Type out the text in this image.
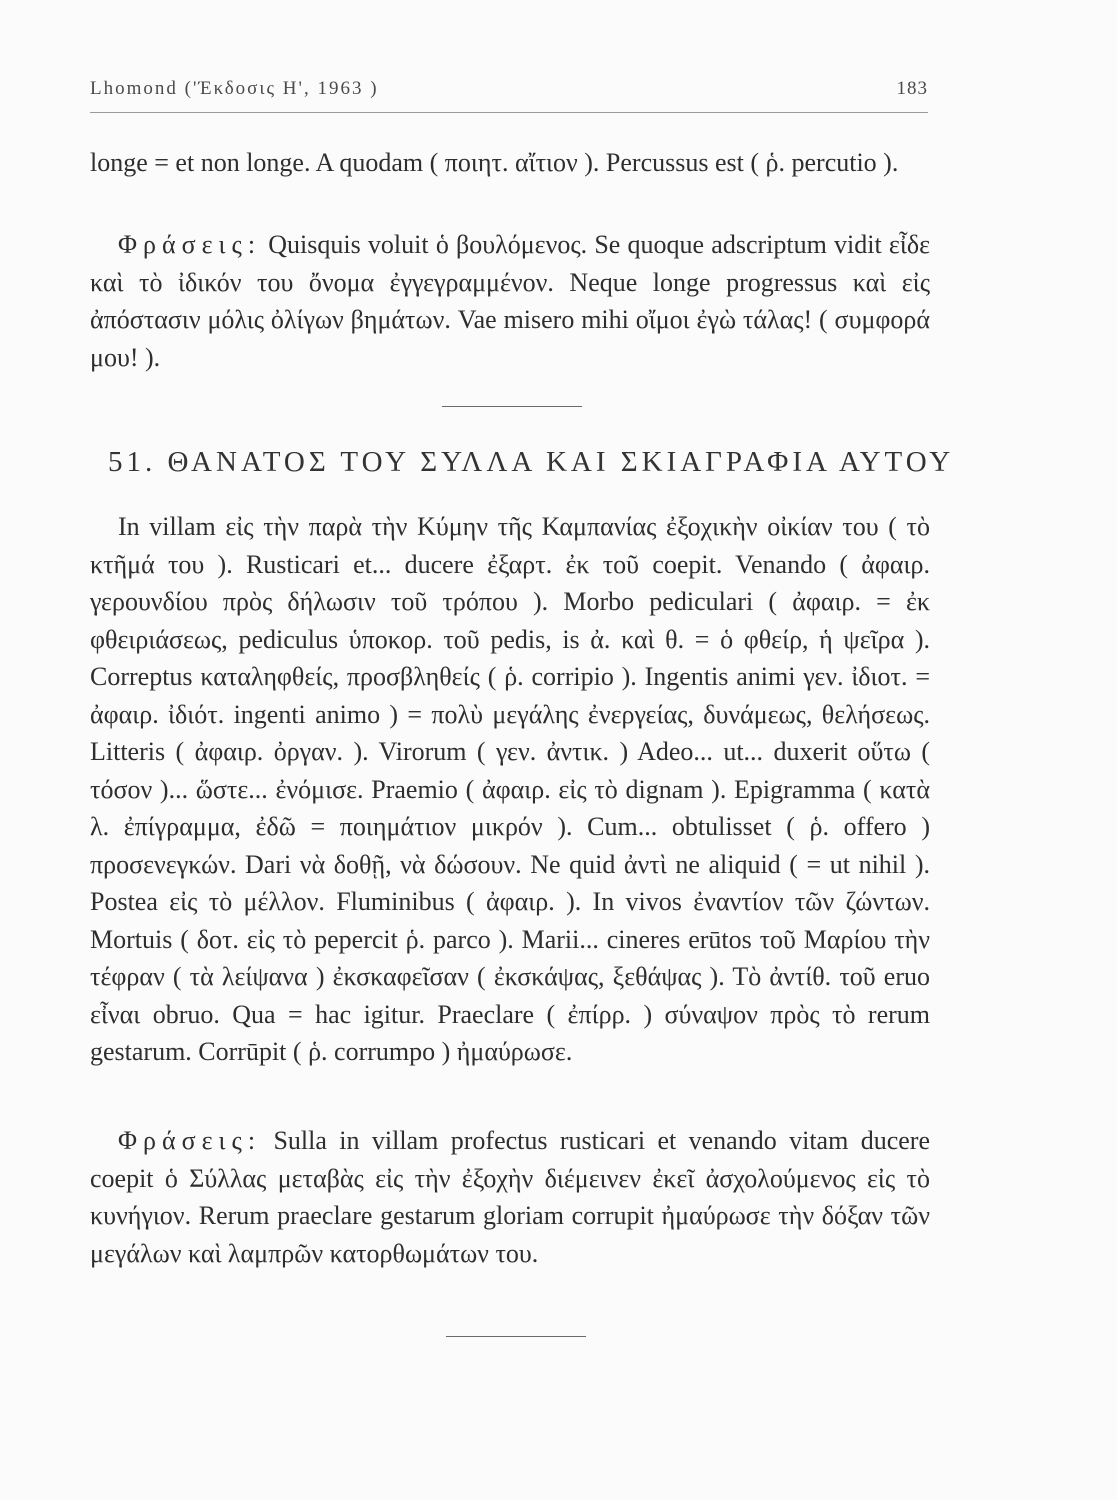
Lhomond ('Έκδοσις Η', 1963 )	183

longe = et non longe. A quodam ( ποιητ. αἴτιον ). Percussus est ( ῥ. percutio ).

Φράσεις: Quisquis voluit ὁ βουλόμενος. Se quoque adscriptum vidit εἶδε καὶ τὸ ἰδικόν του ὄνομα ἐγγεγραμμένον. Neque longe progressus καὶ εἰς ἀπόστασιν μόλις ὀλίγων βημάτων. Vae misero mihi οἴμοι ἐγὼ τάλας! ( συμφορά μου! ).

51. ΘΑΝΑΤΟΣ ΤΟΥ ΣΥΛΛΑ ΚΑΙ ΣΚΙΑΓΡΑΦΙΑ ΑΥΤΟΥ

In villam εἰς τὴν παρὰ τὴν Κύμην τῆς Καμπανίας ἐξοχικὴν οἰκίαν του ( τὸ κτῆμά του ). Rusticari et... ducere ἐξαρτ. ἐκ τοῦ coepit. Venando ( ἀφαιρ. γερουνδίου πρὸς δήλωσιν τοῦ τρόπου ). Morbo pediculari ( ἀφαιρ. = ἐκ φθειριάσεως, pediculus ὑποκορ. τοῦ pedis, is ἀ. καὶ θ. = ὁ φθείρ, ἡ ψεῖρα ). Correptus καταληφθείς, προσβληθείς ( ῥ. corripio ). Ingentis animi γεν. ἰδιοτ. = ἀφαιρ. ἰδιότ. ingenti animo ) = πολὺ μεγάλης ἐνεργείας, δυνάμεως, θελήσεως. Litteris ( ἀφαιρ. ὀργαν. ). Virorum ( γεν. ἀντικ. ) Adeo... ut... duxerit οὕτω ( τόσον )... ὥστε... ἐνόμισε. Praemio ( ἀφαιρ. εἰς τὸ dignam ). Epigramma ( κατὰ λ. ἐπίγραμμα, ἐδῶ = ποιημάτιον μικρόν ). Cum... obtulisset ( ῥ. offero ) προσενεγκών. Dari νὰ δοθῇ, νὰ δώσουν. Ne quid ἀντὶ ne aliquid ( = ut nihil ). Postea εἰς τὸ μέλλον. Fluminibus ( ἀφαιρ. ). In vivos ἐναντίον τῶν ζώντων. Mortuis ( δοτ. εἰς τὸ pepercit ῥ. parco ). Marii... cineres erūtos τοῦ Μαρίου τὴν τέφραν ( τὰ λείψανα ) ἐκσκαφεῖσαν ( ἐκσκάψας, ξεθάψας ). Τὸ ἀντίθ. τοῦ eruo εἶναι obruo. Qua = hac igitur. Praeclare ( ἐπίρρ. ) σύναψον πρὸς τὸ rerum gestarum. Corrūpit ( ῥ. corrumpo ) ἠμαύρωσε.

Φράσεις: Sulla in villam profectus rusticari et venando vitam ducere coepit ὁ Σύλλας μεταβὰς εἰς τὴν ἐξοχὴν διέμεινεν ἐκεῖ ἀσχολούμενος εἰς τὸ κυνήγιον. Rerum praeclare gestarum gloriam corrupit ἠμαύρωσε τὴν δόξαν τῶν μεγάλων καὶ λαμπρῶν κατορθωμάτων του.
